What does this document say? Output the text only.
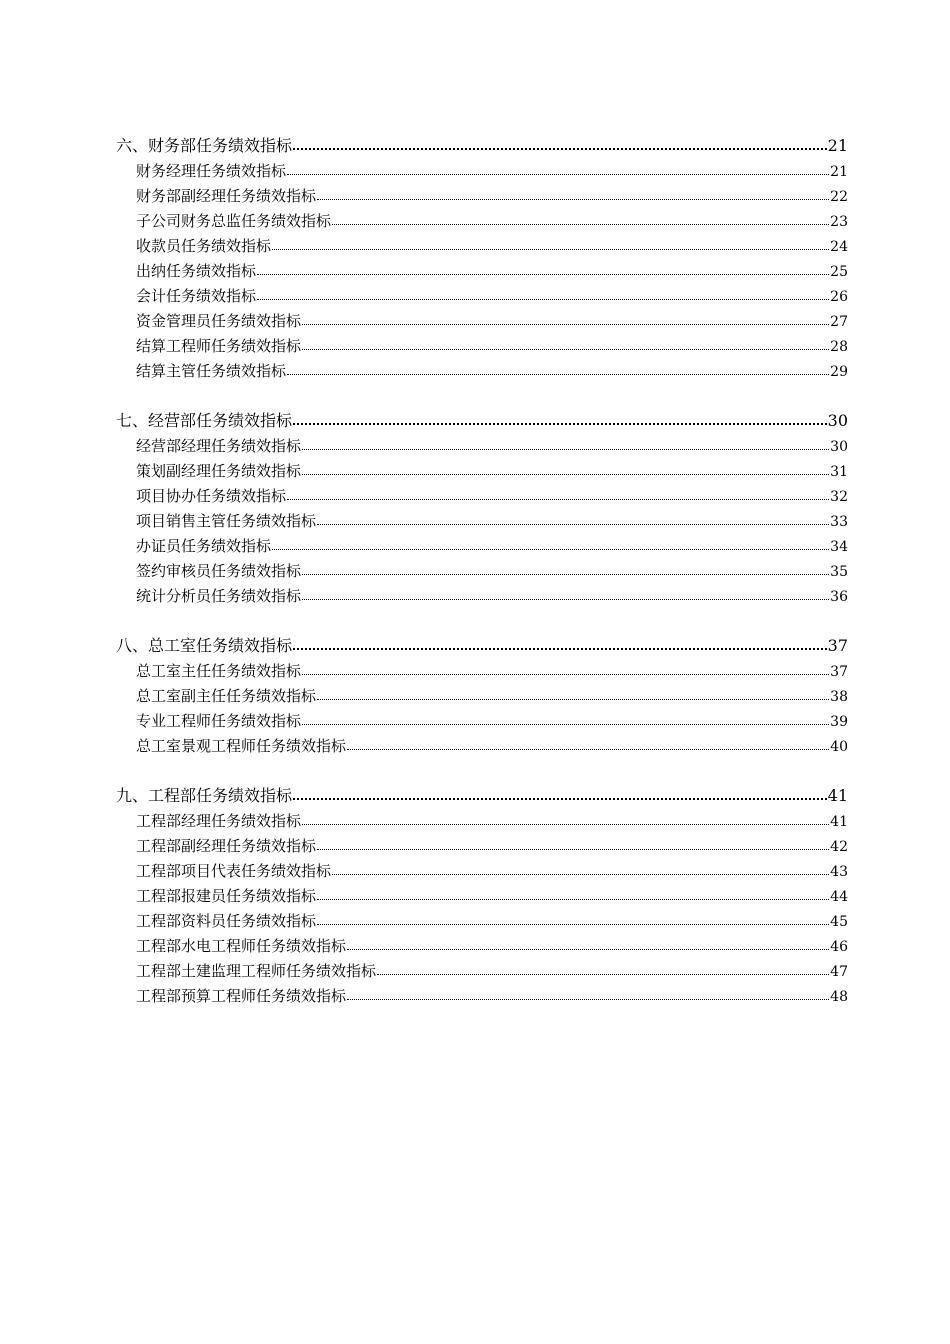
六、财务部任务绩效指标	21
财务经理任务绩效指标	21
财务部副经理任务绩效指标	22
子公司财务总监任务绩效指标	23
收款员任务绩效指标	24
出纳任务绩效指标	25
会计任务绩效指标	26
资金管理员任务绩效指标	27
结算工程师任务绩效指标	28
结算主管任务绩效指标	29
七、经营部任务绩效指标	30
经营部经理任务绩效指标	30
策划副经理任务绩效指标	31
项目协办任务绩效指标	32
项目销售主管任务绩效指标	33
办证员任务绩效指标	34
签约审核员任务绩效指标	35
统计分析员任务绩效指标	36
八、总工室任务绩效指标	37
总工室主任任务绩效指标	37
总工室副主任任务绩效指标	38
专业工程师任务绩效指标	39
总工室景观工程师任务绩效指标	40
九、工程部任务绩效指标	41
工程部经理任务绩效指标	41
工程部副经理任务绩效指标	42
工程部项目代表任务绩效指标	43
工程部报建员任务绩效指标	44
工程部资料员任务绩效指标	45
工程部水电工程师任务绩效指标	46
工程部土建监理工程师任务绩效指标	47
工程部预算工程师任务绩效指标	48
